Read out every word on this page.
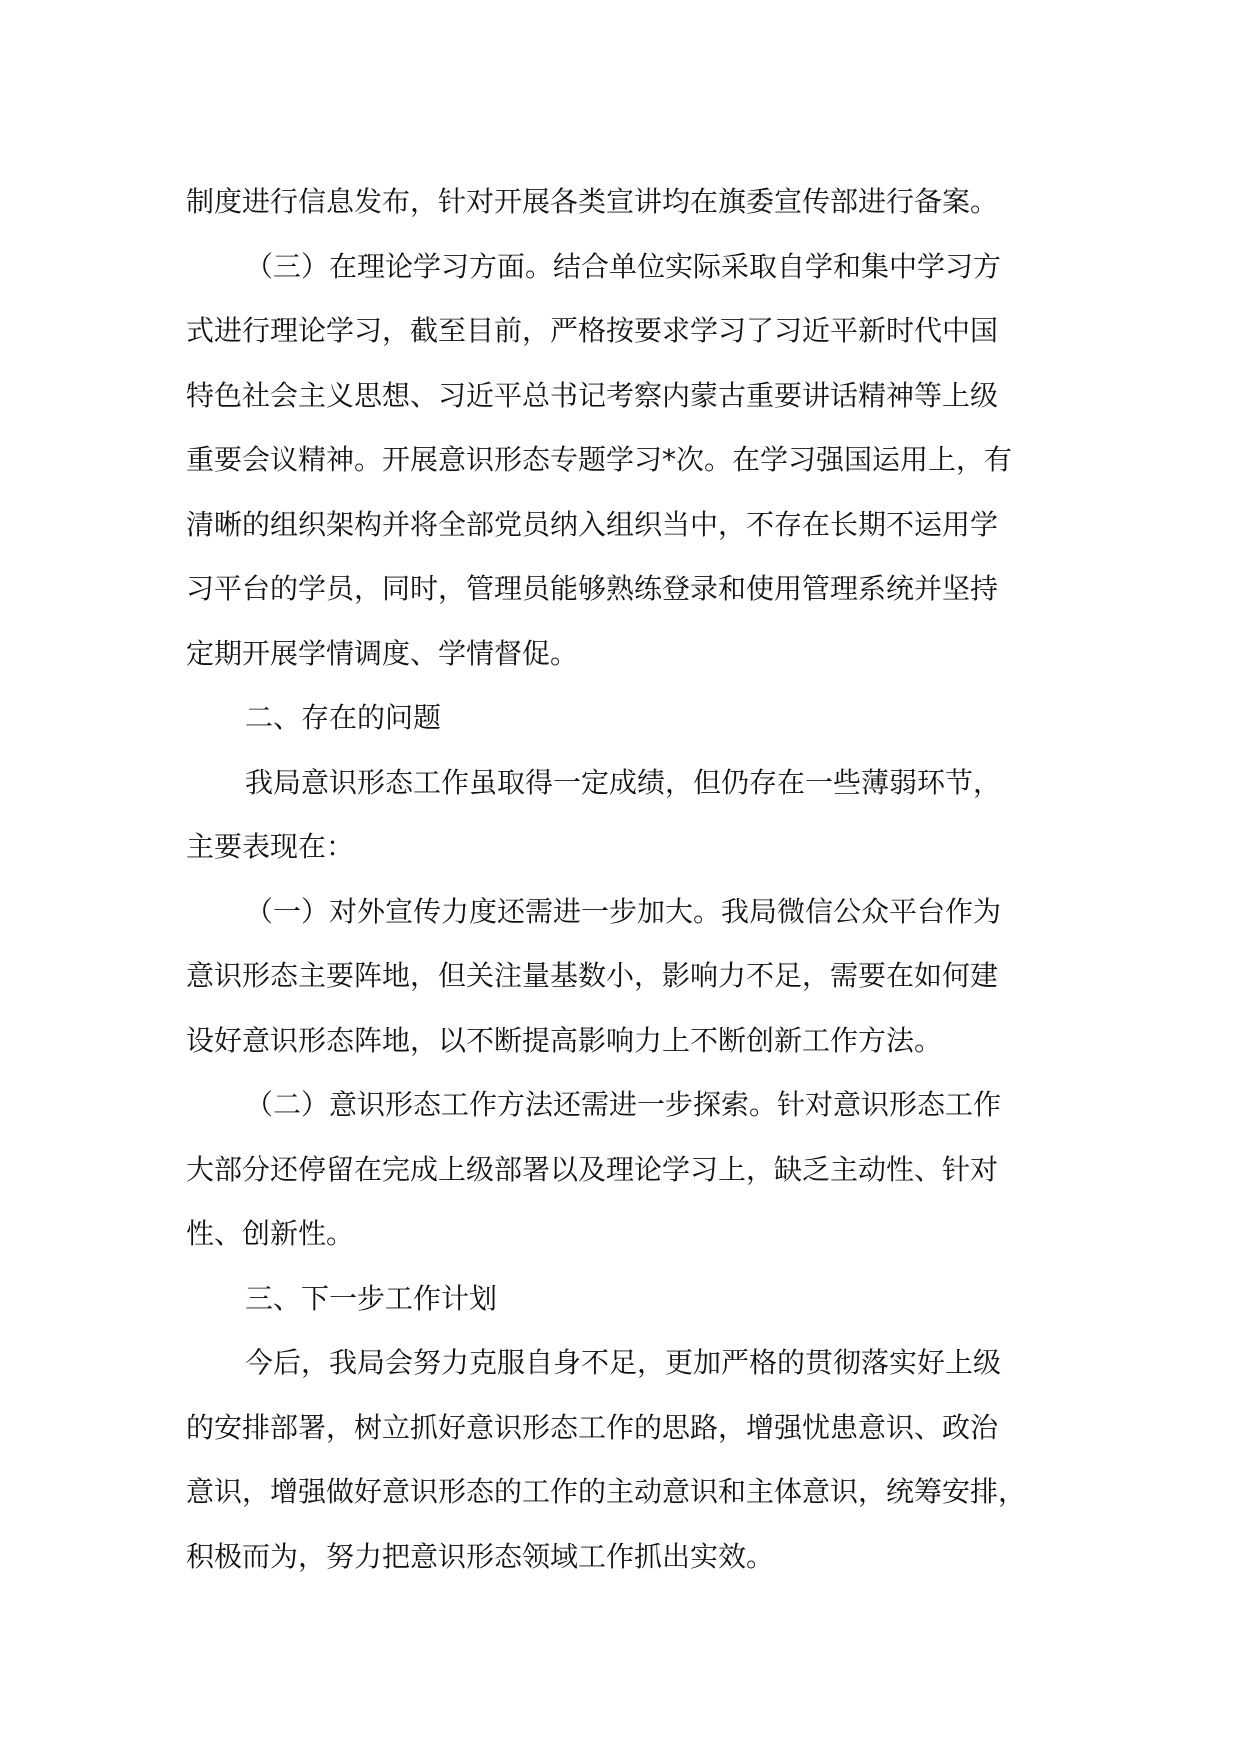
制度进行信息发布，针对开展各类宣讲均在旗委宣传部进行备案。
（三）在理论学习方面。结合单位实际采取自学和集中学习方
式进行理论学习，截至目前，严格按要求学习了习近平新时代中国
特色社会主义思想、习近平总书记考察内蒙古重要讲话精神等上级
重要会议精神。开展意识形态专题学习*次。在学习强国运用上，有
清晰的组织架构并将全部党员纳入组织当中，不存在长期不运用学
习平台的学员，同时，管理员能够熟练登录和使用管理系统并坚持
定期开展学情调度、学情督促。
二、存在的问题
我局意识形态工作虽取得一定成绩，但仍存在一些薄弱环节，
主要表现在：
（一）对外宣传力度还需进一步加大。我局微信公众平台作为
意识形态主要阵地，但关注量基数小，影响力不足，需要在如何建
设好意识形态阵地，以不断提高影响力上不断创新工作方法。
（二）意识形态工作方法还需进一步探索。针对意识形态工作
大部分还停留在完成上级部署以及理论学习上，缺乏主动性、针对
性、创新性。
三、下一步工作计划
今后，我局会努力克服自身不足，更加严格的贯彻落实好上级
的安排部署，树立抓好意识形态工作的思路，增强忧患意识、政治
意识，增强做好意识形态的工作的主动意识和主体意识，统筹安排，
积极而为，努力把意识形态领域工作抓出实效。
